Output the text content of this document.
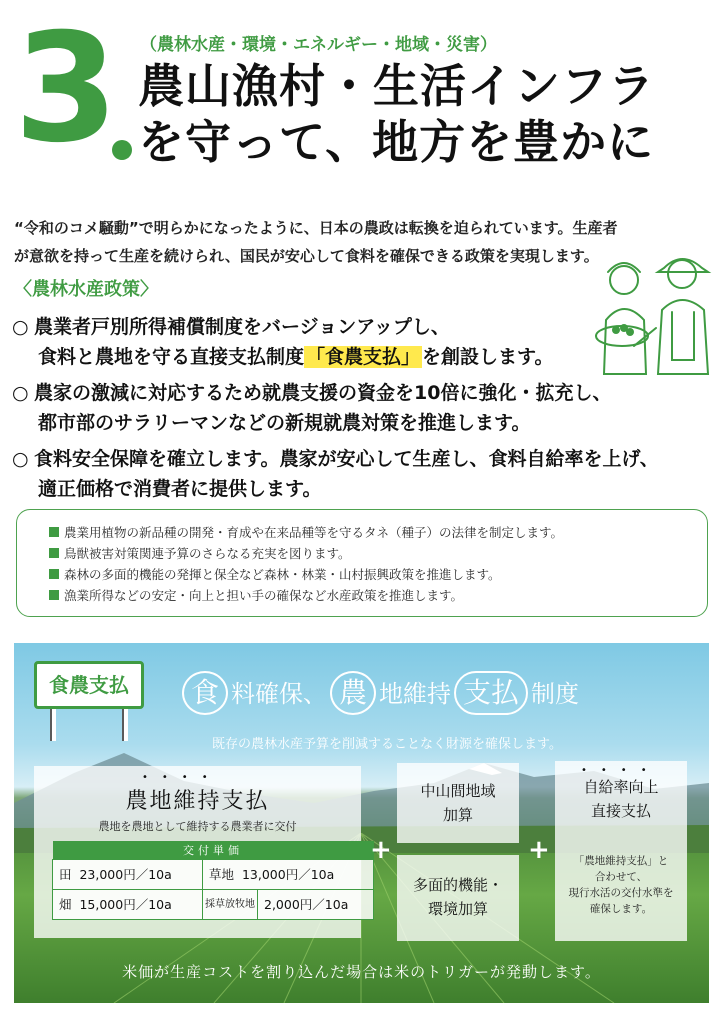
3 （農林水産・環境・エネルギー・地域・災害）
農山漁村・生活インフラ
を守って、地方を豊かに
“令和のコメ騒動”で明らかになったように、日本の農政は転換を迫られています。生産者
が意欲を持って生産を続けられ、国民が安心して食料を確保できる政策を実現します。
〈農林水産政策〉
○ 農業者戸別所得補償制度をバージョンアップし、
食料と農地を守る直接支払制度 「食農支払」 を創設します。
○ 農家の激減に対応するため就農支援の資金を10倍に強化・拡充し、
都市部のサラリーマンなどの新規就農対策を推進します。
○ 食料安全保障を確立します。農家が安心して生産し、食料自給率を上げ、
適正価格で消費者に提供します。
農業用植物の新品種の開発・育成や在来品種等を守るタネ（種子）の法律を制定します。
鳥獣被害対策関連予算のさらなる充実を図ります。
森林の多面的機能の発揮と保全など森林・林業・山村振興政策を推進します。
漁業所得などの安定・向上と担い手の確保など水産政策を推進します。
食農支払	食 料確保、 農 地維持 支払 制度
既存の農林水産予算を削減することなく財源を確保します。
••••
農地維持支払
農地を農地として維持する農業者に交付
交付単価		
田 23,000円／10a	草地 13,000円／10a	
畑 15,000円／10a	採草放牧地	2,000円／10a
+
中山間地域
加算
多面的機能・
環境加算
+
••••
自給率向上
直接支払
「農地維持支払」と
合わせて、
現行水活の交付水準を
確保します。
米価が生産コストを割り込んだ場合は米のトリガーが発動します。
